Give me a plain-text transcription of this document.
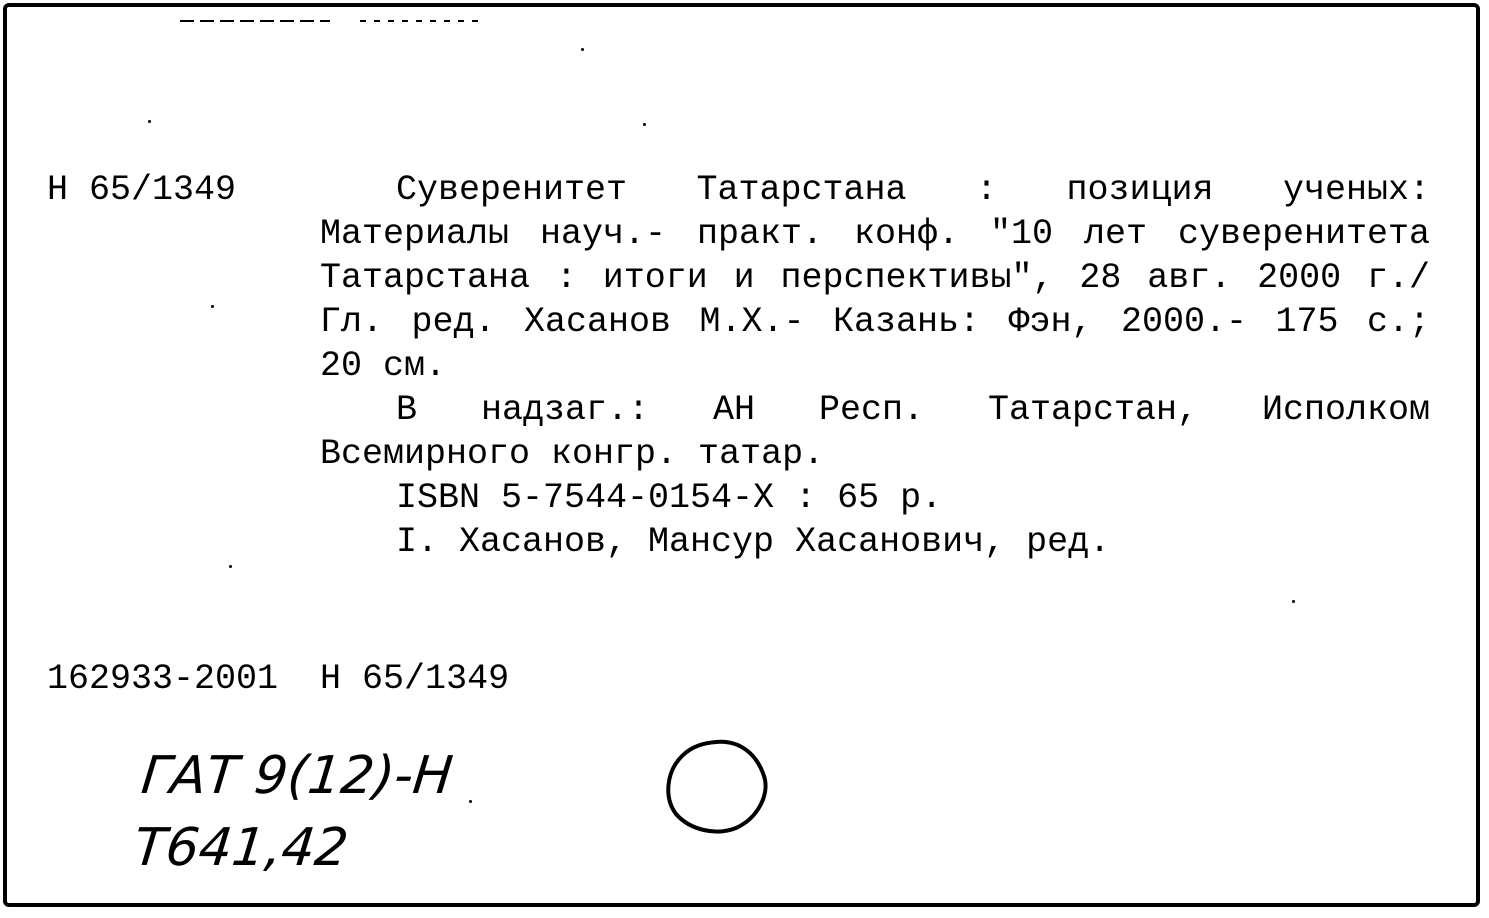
Н 65/1349	Суверенитет Татарстана : позиция ученых: Материалы науч.- практ. конф. "10 лет суверенитета Татарстана : итоги и перспективы", 28 авг. 2000 г./ Гл. ред. Хасанов М.Х.- Казань: Фэн, 2000.- 175 с.; 20 см.

В надзаг.: АН Респ. Татарстан, Исполком Всемирного конгр. татар.

ISBN 5-7544-0154-X : 65 р.

I. Хасанов, Мансур Хасанович, ред.

162933-2001  Н 65/1349
ГАТ 9(12)-Н
Т641,42
